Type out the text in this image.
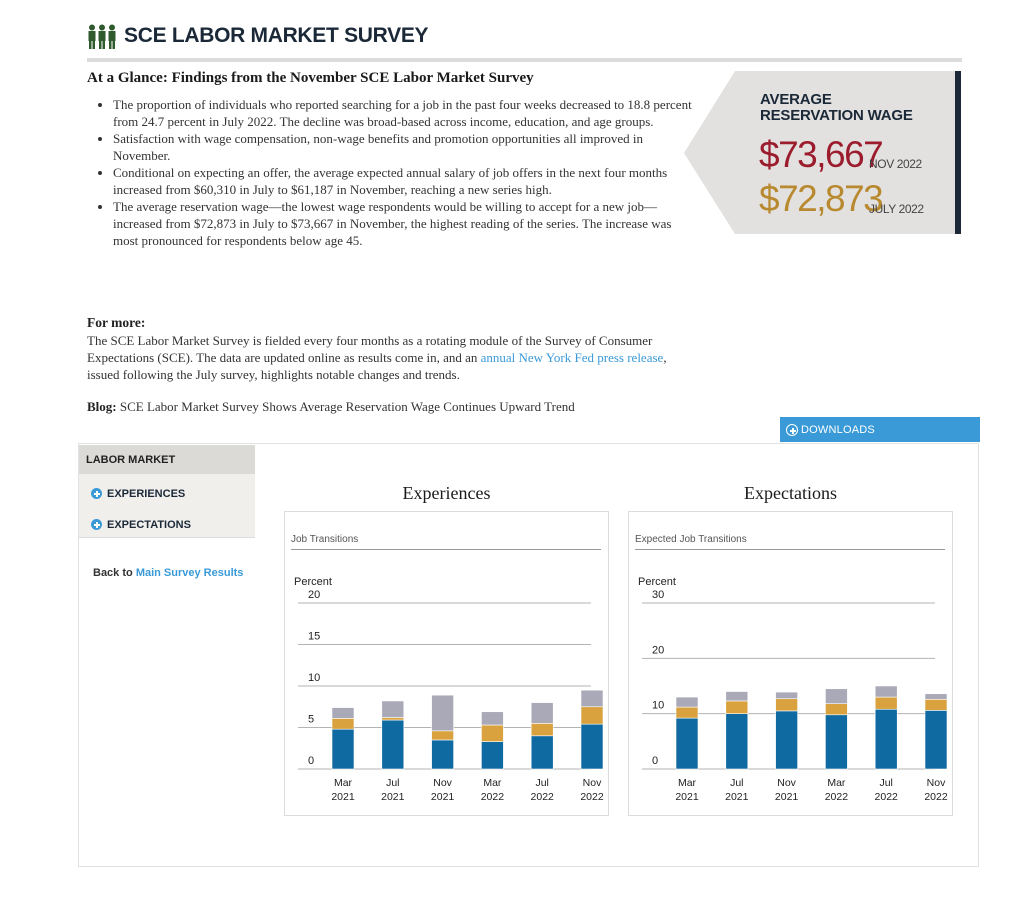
SCE LABOR MARKET SURVEY
At a Glance: Findings from the November SCE Labor Market Survey
• The proportion of individuals who reported searching for a job in the past four weeks decreased to 18.8 percent from 24.7 percent in July 2022. The decline was broad-based across income, education, and age groups.
• Satisfaction with wage compensation, non-wage benefits and promotion opportunities all improved in November.
• Conditional on expecting an offer, the average expected annual salary of job offers in the next four months increased from $60,310 in July to $61,187 in November, reaching a new series high.
• The average reservation wage—the lowest wage respondents would be willing to accept for a new job—increased from $72,873 in July to $73,667 in November, the highest reading of the series. The increase was most pronounced for respondents below age 45.
AVERAGE
RESERVATION WAGE
$73,667
NOV 2022
$72,873
JULY 2022
For more:
The SCE Labor Market Survey is fielded every four months as a rotating module of the Survey of Consumer Expectations (SCE). The data are updated online as results come in, and an annual New York Fed press release, issued following the July survey, highlights notable changes and trends.
Blog: SCE Labor Market Survey Shows Average Reservation Wage Continues Upward Trend
DOWNLOADS
LABOR MARKET
EXPERIENCES
EXPECTATIONS
Back to Main Survey Results
Experiences	Expectations
Job Transitions
Percent
0
5
10
15
20
Mar
2021
Jul
2021
Nov
2021
Mar
2022
Jul
2022
Nov
2022
Expected Job Transitions
Percent
0
10
20
30
Mar
2021
Jul
2021
Nov
2021
Mar
2022
Jul
2022
Nov
2022
